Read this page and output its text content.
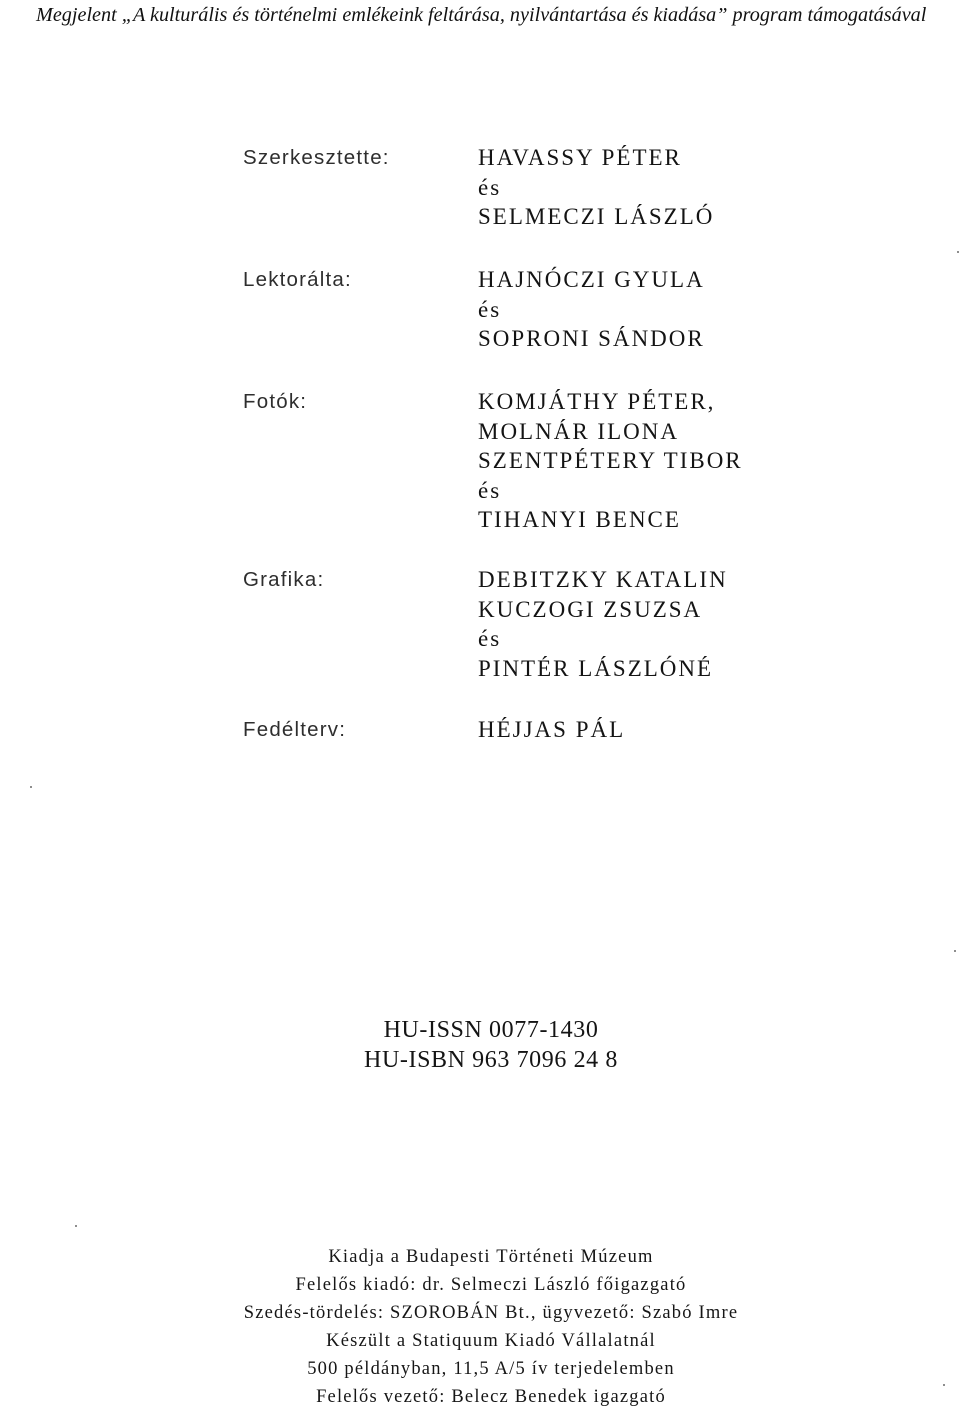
Megjelent „A kulturális és történelmi emlékeink feltárása, nyilvántartása és kiadása” program támogatásával
Szerkesztette:	HAVASSY PÉTER
és
SELMECZI LÁSZLÓ
Lektorálta:	HAJNÓCZI GYULA
és
SOPRONI SÁNDOR
Fotók:	KOMJÁTHY PÉTER,
MOLNÁR ILONA
SZENTPÉTERY TIBOR
és
TIHANYI BENCE
Grafika:	DEBITZKY KATALIN
KUCZOGI ZSUZSA
és
PINTÉR LÁSZLÓNÉ
Fedélterv:	HÉJJAS PÁL
HU-ISSN 0077-1430
HU-ISBN 963 7096 24 8
Kiadja a Budapesti Történeti Múzeum
Felelős kiadó: dr. Selmeczi László főigazgató
Szedés-tördelés: SZOROBÁN Bt., ügyvezető: Szabó Imre
Készült a Statiquum Kiadó Vállalatnál
500 példányban, 11,5 A/5 ív terjedelemben
Felelős vezető: Belecz Benedek igazgató
